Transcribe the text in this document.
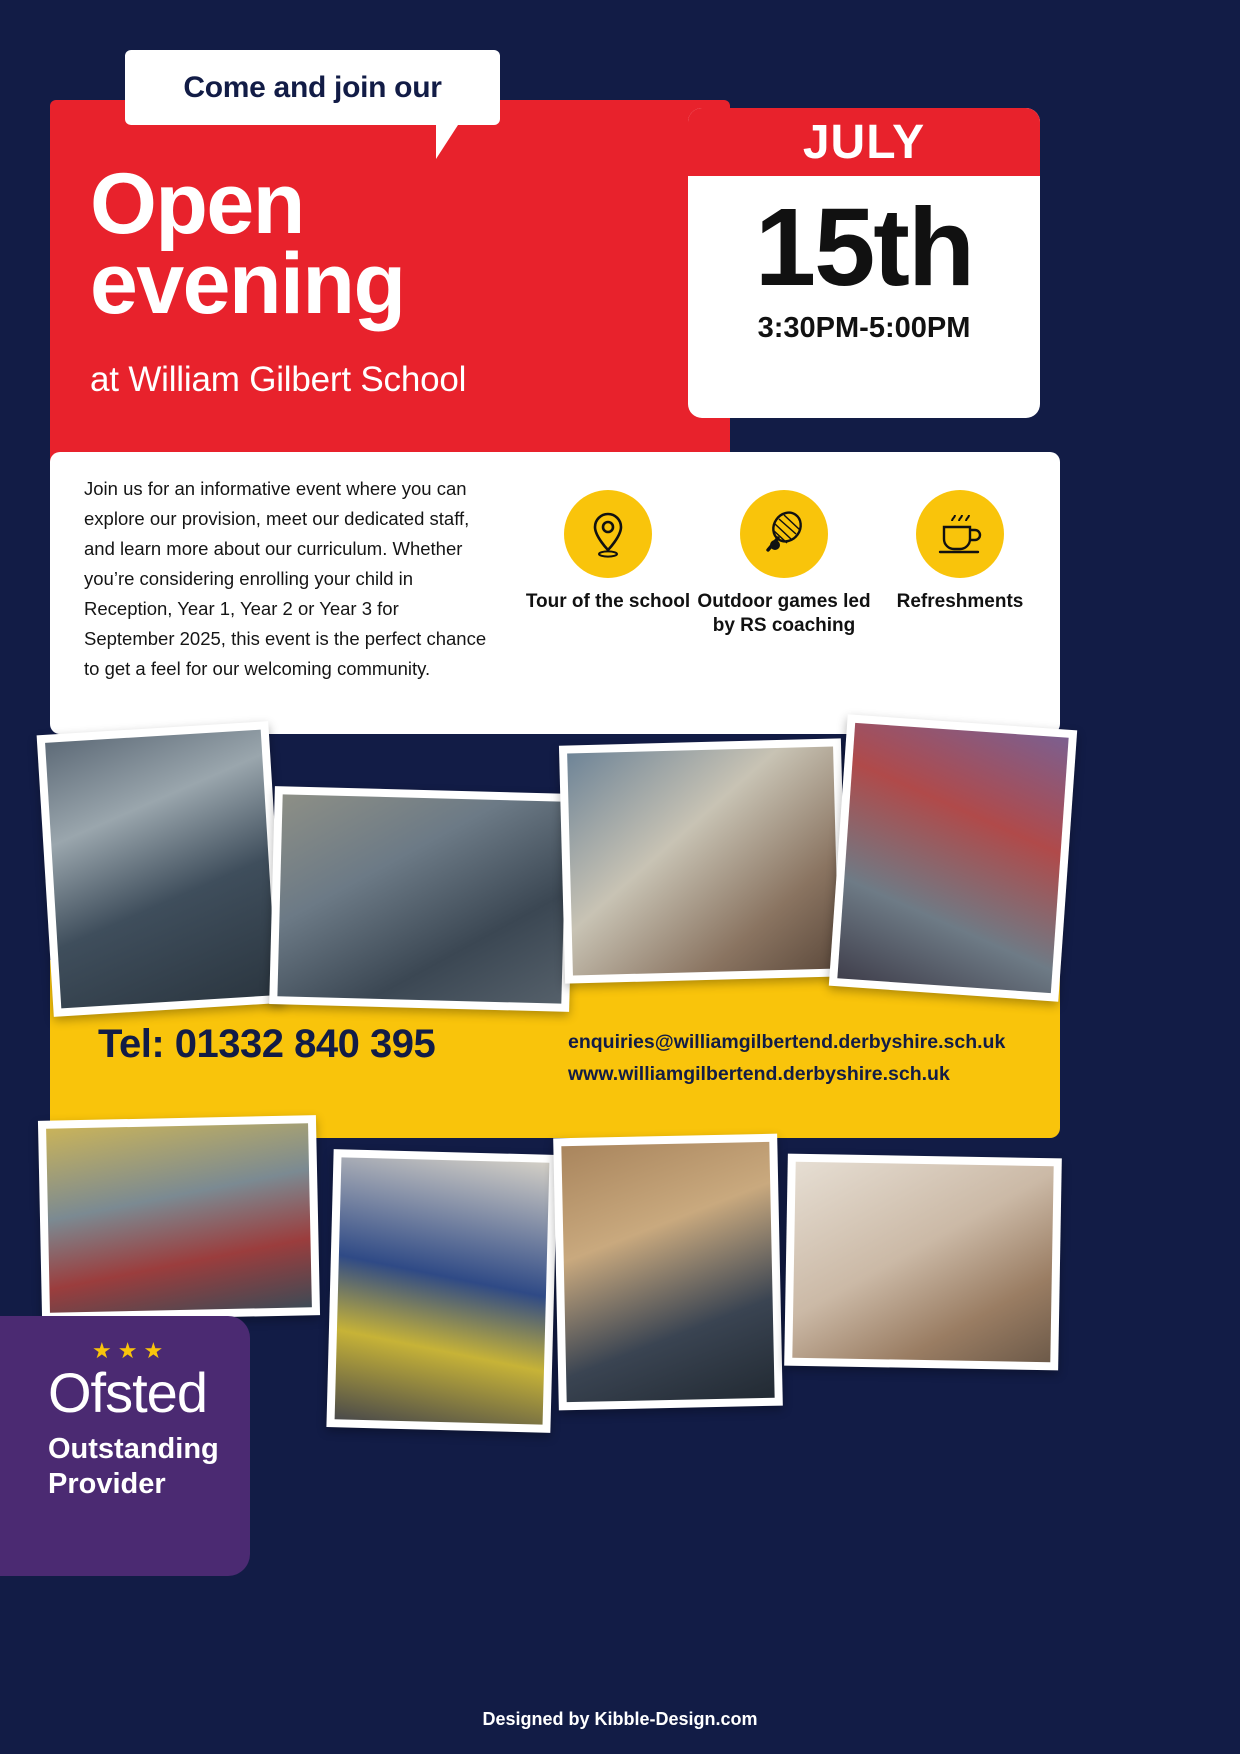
Come and join our
Open
evening
at William Gilbert School
JULY
15th
3:30PM-5:00PM
Join us for an informative event where you can explore our provision, meet our dedicated staff, and learn more about our curriculum. Whether you’re considering enrolling your child in Reception, Year 1, Year 2 or Year 3 for September 2025, this event is the perfect chance to get a feel for our welcoming community.
Tour of the school Outdoor games led by RS coaching
Refreshments
Tel: 01332 840 395	enquiries@williamgilbertend.derbyshire.sch.uk
www.williamgilbertend.derbyshire.sch.uk
★★★
Ofsted
Outstanding
Provider
Designed by Kibble-Design.com
